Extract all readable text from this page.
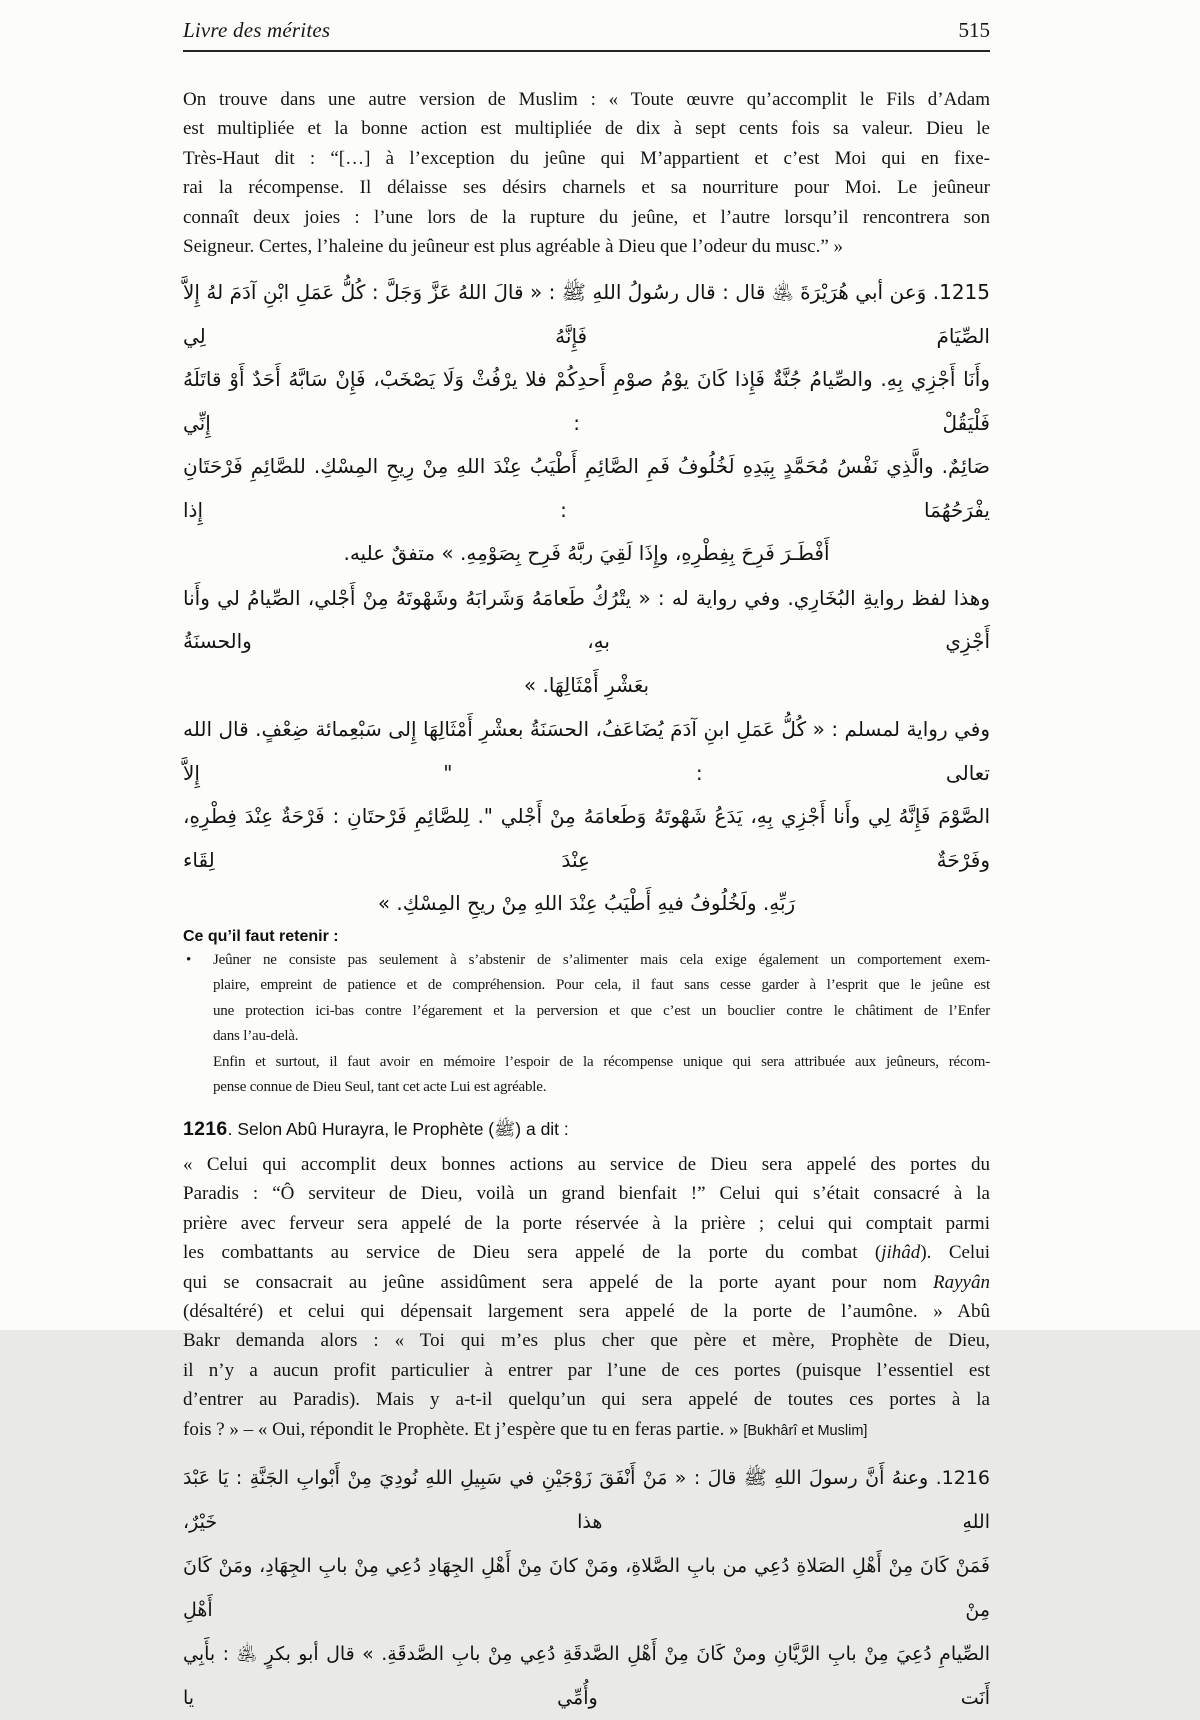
Livre des mérites	515
On trouve dans une autre version de Muslim : « Toute œuvre qu’accomplit le Fils d’Adam
est multipliée et la bonne action est multipliée de dix à sept cents fois sa valeur. Dieu le
Très-Haut dit : “[…] à l’exception du jeûne qui M’appartient et c’est Moi qui en fixe-
rai la récompense. Il délaisse ses désirs charnels et sa nourriture pour Moi. Le jeûneur
connaît deux joies : l’une lors de la rupture du jeûne, et l’autre lorsqu’il rencontrera son
Seigneur. Certes, l’haleine du jeûneur est plus agréable à Dieu que l’odeur du musc.” »
1215. وَعن أبي هُرَيْرَةَ ﵁ قال : قال رسُولُ اللهِ ﷺ : « قالَ اللهُ عَزَّ وَجَلَّ : كُلُّ عَمَلِ ابْنِ آدَمَ لهُ إِلاَّ الصِّيَامَ فَإِنَّهُ لِي
وأَنَا أَجْزِي بِهِ. والصِّيامُ جُنَّةٌ فَإِذا كَانَ يوْمُ صوْمِ أَحدِكُمْ فلا يرْفُثْ وَلَا يَصْخَبْ، فَإِنْ سَابَّهُ أَحَدٌ أَوْ قاتَلَهُ فَلْيَقُلْ : إِنِّي
صَائِمٌ. والَّذِي نَفْسُ مُحَمَّدٍ بِيَدِهِ لَخُلُوفُ فَمِ الصَّائِمِ أَطْيَبُ عِنْدَ اللهِ مِنْ رِيحِ المِسْكِ. للصَّائِمِ فَرْحَتَانِ يفْرَحُهُمَا : إِذا
أَفْطَـرَ فَرِحَ بِفِطْرِهِ، وإِذَا لَقِيَ ربَّهُ فَرِح بِصَوْمِهِ. » متفقٌ عليه.
وهذا لفظ روايةِ البُخَارِي. وفي رواية له : « يتْرُكُ طَعامَهُ وَشَرابَهُ وشَهْوتَهُ مِنْ أَجْلي، الصِّيامُ لي وأَنا أَجْزِي بهِ، والحسنَةُ
بعَشْرِ أَمْثَالِهَا. »
وفي رواية لمسلم : « كُلُّ عَمَلِ ابنِ آدَمَ يُضَاعَفُ، الحسَنَةُ بعشْرِ أَمْثَالِهَا إِلى سَبْعِمائة ضِعْفٍ. قال الله تعالى : " إِلاَّ
الصَّوْمَ فَإِنَّهُ لِي وأَنا أَجْزِي بِهِ، يَدَعُ شَهْوتَهُ وَطَعامَهُ مِنْ أَجْلي ". لِلصَّائِمِ فَرْحتَانِ : فَرْحَةٌ عِنْدَ فِطْرِهِ، وفَرْحَةٌ عِنْدَ لِقَاء
رَبِّهِ. ولَخُلُوفُ فيهِ أَطْيَبُ عِنْدَ اللهِ مِنْ ريحِ المِسْكِ. »
Ce qu’il faut retenir :
•	Jeûner ne consiste pas seulement à s’abstenir de s’alimenter mais cela exige également un comportement exem-
plaire, empreint de patience et de compréhension. Pour cela, il faut sans cesse garder à l’esprit que le jeûne est
une protection ici-bas contre l’égarement et la perversion et que c’est un bouclier contre le châtiment de l’Enfer
dans l’au-delà.
Enfin et surtout, il faut avoir en mémoire l’espoir de la récompense unique qui sera attribuée aux jeûneurs, récom-
pense connue de Dieu Seul, tant cet acte Lui est agréable.
1216. Selon Abû Hurayra, le Prophète (ﷺ) a dit :
« Celui qui accomplit deux bonnes actions au service de Dieu sera appelé des portes du
Paradis : “Ô serviteur de Dieu, voilà un grand bienfait !” Celui qui s’était consacré à la
prière avec ferveur sera appelé de la porte réservée à la prière ; celui qui comptait parmi
les combattants au service de Dieu sera appelé de la porte du combat (jihâd). Celui
qui se consacrait au jeûne assidûment sera appelé de la porte ayant pour nom Rayyân
(désaltéré) et celui qui dépensait largement sera appelé de la porte de l’aumône. » Abû
Bakr demanda alors : « Toi qui m’es plus cher que père et mère, Prophète de Dieu,
il n’y a aucun profit particulier à entrer par l’une de ces portes (puisque l’essentiel est
d’entrer au Paradis). Mais y a-t-il quelqu’un qui sera appelé de toutes ces portes à la
fois ? » – « Oui, répondit le Prophète. Et j’espère que tu en feras partie. » [Bukhârî et Muslim]
1216. وعنهُ أَنَّ رسولَ اللهِ ﷺ قالَ : « مَنْ أَنْفَقَ زَوْجَيْنِ في سَبِيلِ اللهِ نُودِيَ مِنْ أَبْوابِ الجَنَّةِ : يَا عَبْدَ اللهِ هذا خَيْرٌ،
فَمَنْ كَانَ مِنْ أَهْلِ الصَلاةِ دُعِي من بابِ الصَّلاةِ، ومَنْ كانَ مِنْ أَهْلِ الجِهَادِ دُعِي مِنْ بابِ الجِهَادِ، ومَنْ كَانَ مِنْ أَهْلِ
الصِّيامِ دُعِيَ مِنْ بابِ الرَّيَّانِ ومنْ كَانَ مِنْ أَهْلِ الصَّدقَةِ دُعِي مِنْ بابِ الصَّدقَةِ. » قال أبو بكرٍ ﵁ : بأَبِي أَنَت وأُمِّي يا
